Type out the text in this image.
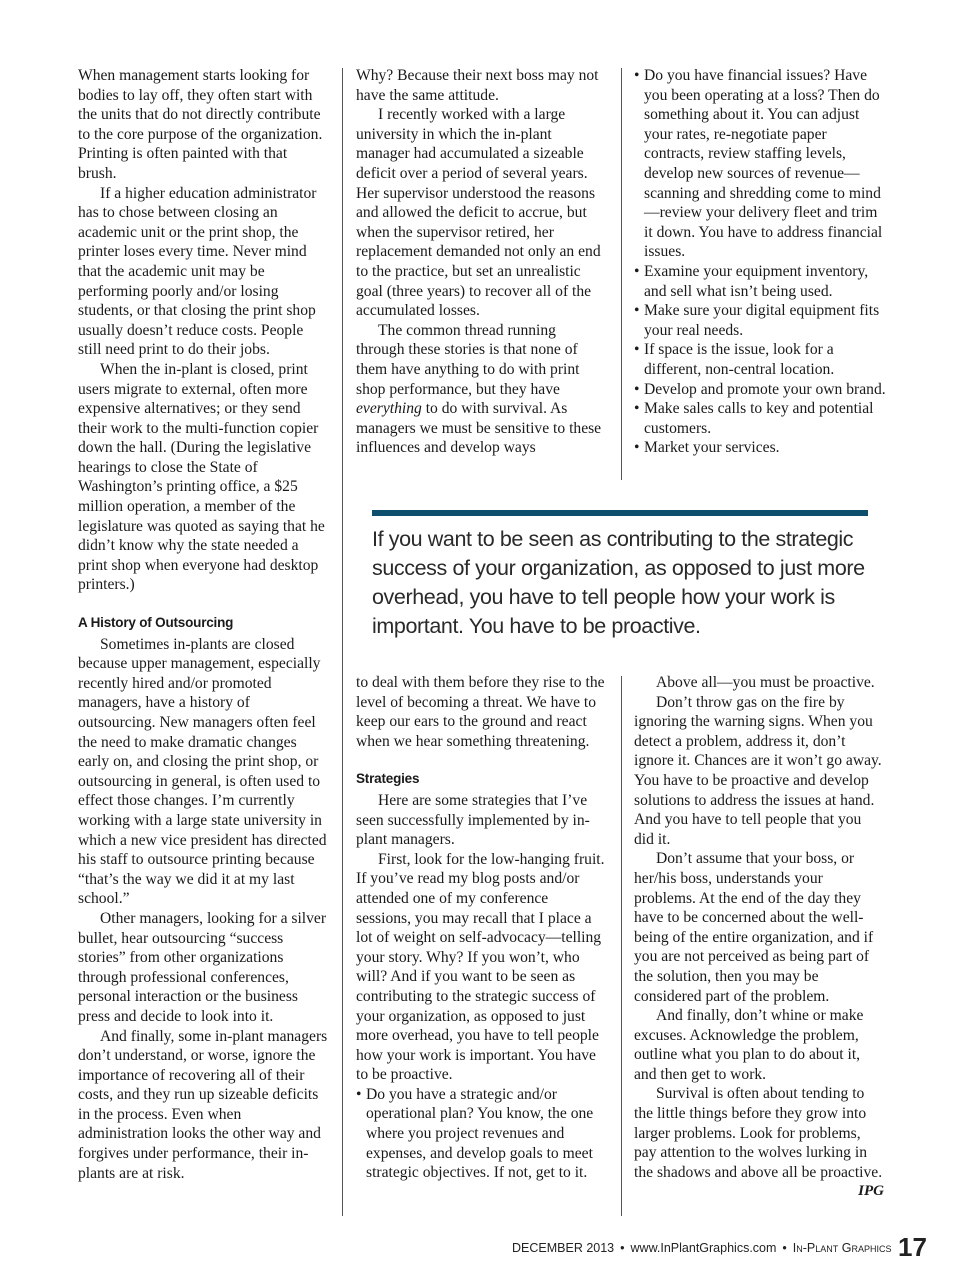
When management starts looking for bodies to lay off, they often start with the units that do not directly contribute to the core purpose of the organization. Printing is often painted with that brush.

If a higher education administrator has to chose between closing an academic unit or the print shop, the printer loses every time. Never mind that the academic unit may be performing poorly and/or losing students, or that closing the print shop usually doesn’t reduce costs. People still need print to do their jobs.

When the in-plant is closed, print users migrate to external, often more expensive alternatives; or they send their work to the multi-function copier down the hall. (During the legislative hearings to close the State of Washington’s printing office, a $25 million operation, a member of the legislature was quoted as saying that he didn’t know why the state needed a print shop when everyone had desktop printers.)

A History of Outsourcing

Sometimes in-plants are closed because upper management, especially recently hired and/or promoted managers, have a history of outsourcing. New managers often feel the need to make dramatic changes early on, and closing the print shop, or outsourcing in general, is often used to effect those changes. I’m currently working with a large state university in which a new vice president has directed his staff to outsource printing because “that’s the way we did it at my last school.”

Other managers, looking for a silver bullet, hear outsourcing “success stories” from other organizations through professional conferences, personal interaction or the business press and decide to look into it.

And finally, some in-plant managers don’t understand, or worse, ignore the importance of recovering all of their costs, and they run up sizeable deficits in the process. Even when administration looks the other way and forgives under performance, their in-plants are at risk.

Why? Because their next boss may not have the same attitude.

I recently worked with a large university in which the in-plant manager had accumulated a sizeable deficit over a period of several years. Her supervisor understood the reasons and allowed the deficit to accrue, but when the supervisor retired, her replacement demanded not only an end to the practice, but set an unrealistic goal (three years) to recover all of the accumulated losses.

The common thread running through these stories is that none of them have anything to do with print shop performance, but they have everything to do with survival. As managers we must be sensitive to these influences and develop ways

• Do you have financial issues? Have you been operating at a loss? Then do something about it. You can adjust your rates, re-negotiate paper contracts, review staffing levels, develop new sources of revenue—scanning and shredding come to mind—review your delivery fleet and trim it down. You have to address financial issues.
• Examine your equipment inventory, and sell what isn’t being used.
• Make sure your digital equipment fits your real needs.
• If space is the issue, look for a different, non-central location.
• Develop and promote your own brand.
• Make sales calls to key and potential customers.
• Market your services.
If you want to be seen as contributing to the strategic success of your organization, as opposed to just more overhead, you have to tell people how your work is important. You have to be proactive.

to deal with them before they rise to the level of becoming a threat. We have to keep our ears to the ground and react when we hear something threatening.

Strategies

Here are some strategies that I’ve seen successfully implemented by in-plant managers.

First, look for the low-hanging fruit. If you’ve read my blog posts and/or attended one of my conference sessions, you may recall that I place a lot of weight on self-advocacy—telling your story. Why? If you won’t, who will? And if you want to be seen as contributing to the strategic success of your organization, as opposed to just more overhead, you have to tell people how your work is important. You have to be proactive.

• Do you have a strategic and/or operational plan? You know, the one where you project revenues and expenses, and develop goals to meet strategic objectives. If not, get to it.

Above all—you must be proactive.

Don’t throw gas on the fire by ignoring the warning signs. When you detect a problem, address it, don’t ignore it. Chances are it won’t go away. You have to be proactive and develop solutions to address the issues at hand. And you have to tell people that you did it.

Don’t assume that your boss, or her/his boss, understands your problems. At the end of the day they have to be concerned about the well-being of the entire organization, and if you are not perceived as being part of the solution, then you may be considered part of the problem.

And finally, don’t whine or make excuses. Acknowledge the problem, outline what you plan to do about it, and then get to work.

Survival is often about tending to the little things before they grow into larger problems. Look for problems, pay attention to the wolves lurking in the shadows and above all be proactive.
IPG

DECEMBER 2013 • www.InPlantGraphics.com • In-Plant Graphics 17
